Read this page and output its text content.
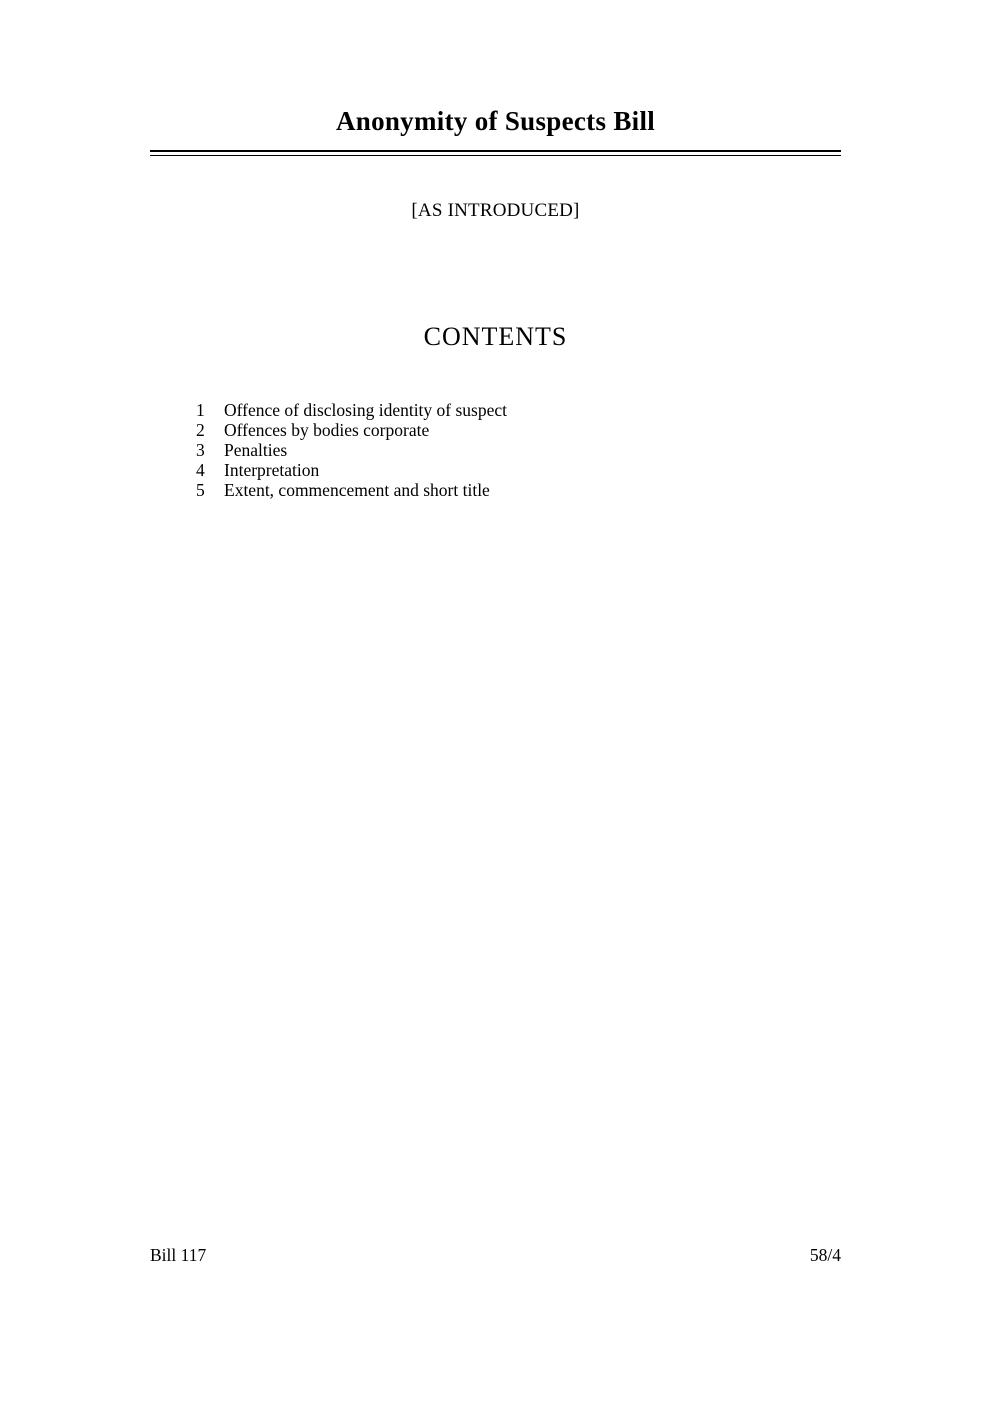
Anonymity of Suspects Bill
[AS INTRODUCED]
CONTENTS
1	Offence of disclosing identity of suspect
2	Offences by bodies corporate
3	Penalties
4	Interpretation
5	Extent, commencement and short title
Bill 117	58/4
